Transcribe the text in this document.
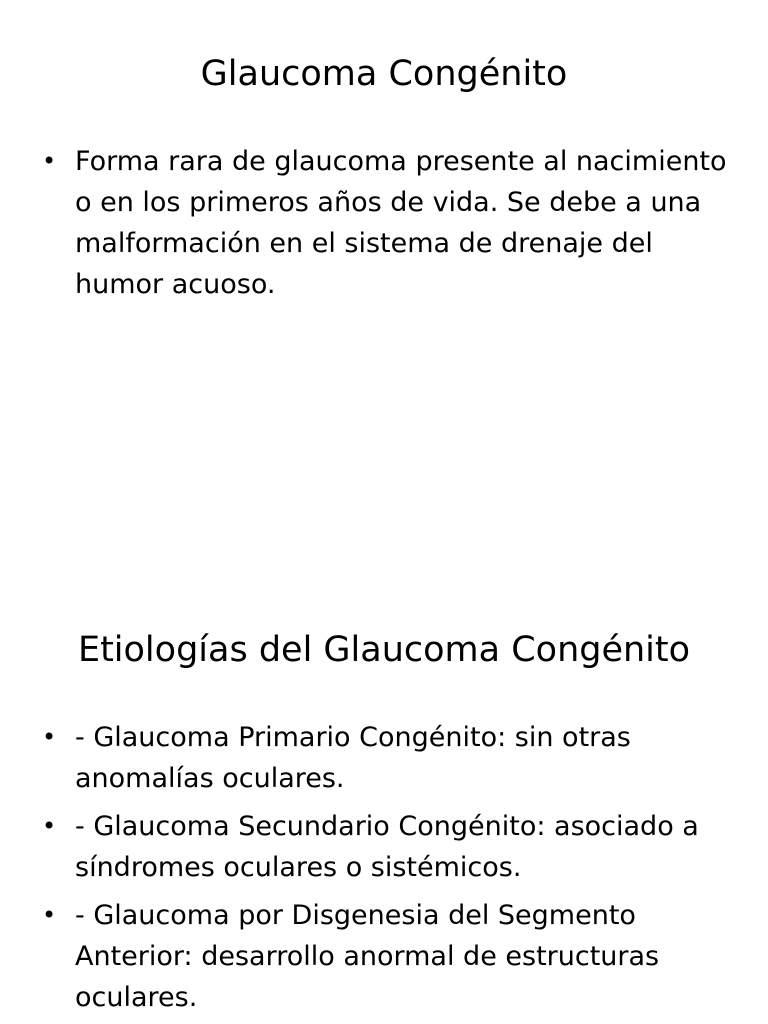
Glaucoma Congénito
• Forma rara de glaucoma presente al nacimiento o en los primeros años de vida. Se debe a una malformación en el sistema de drenaje del humor acuoso.
Etiologías del Glaucoma Congénito
• - Glaucoma Primario Congénito: sin otras anomalías oculares.
• - Glaucoma Secundario Congénito: asociado a síndromes oculares o sistémicos.
• - Glaucoma por Disgenesia del Segmento Anterior: desarrollo anormal de estructuras oculares.
